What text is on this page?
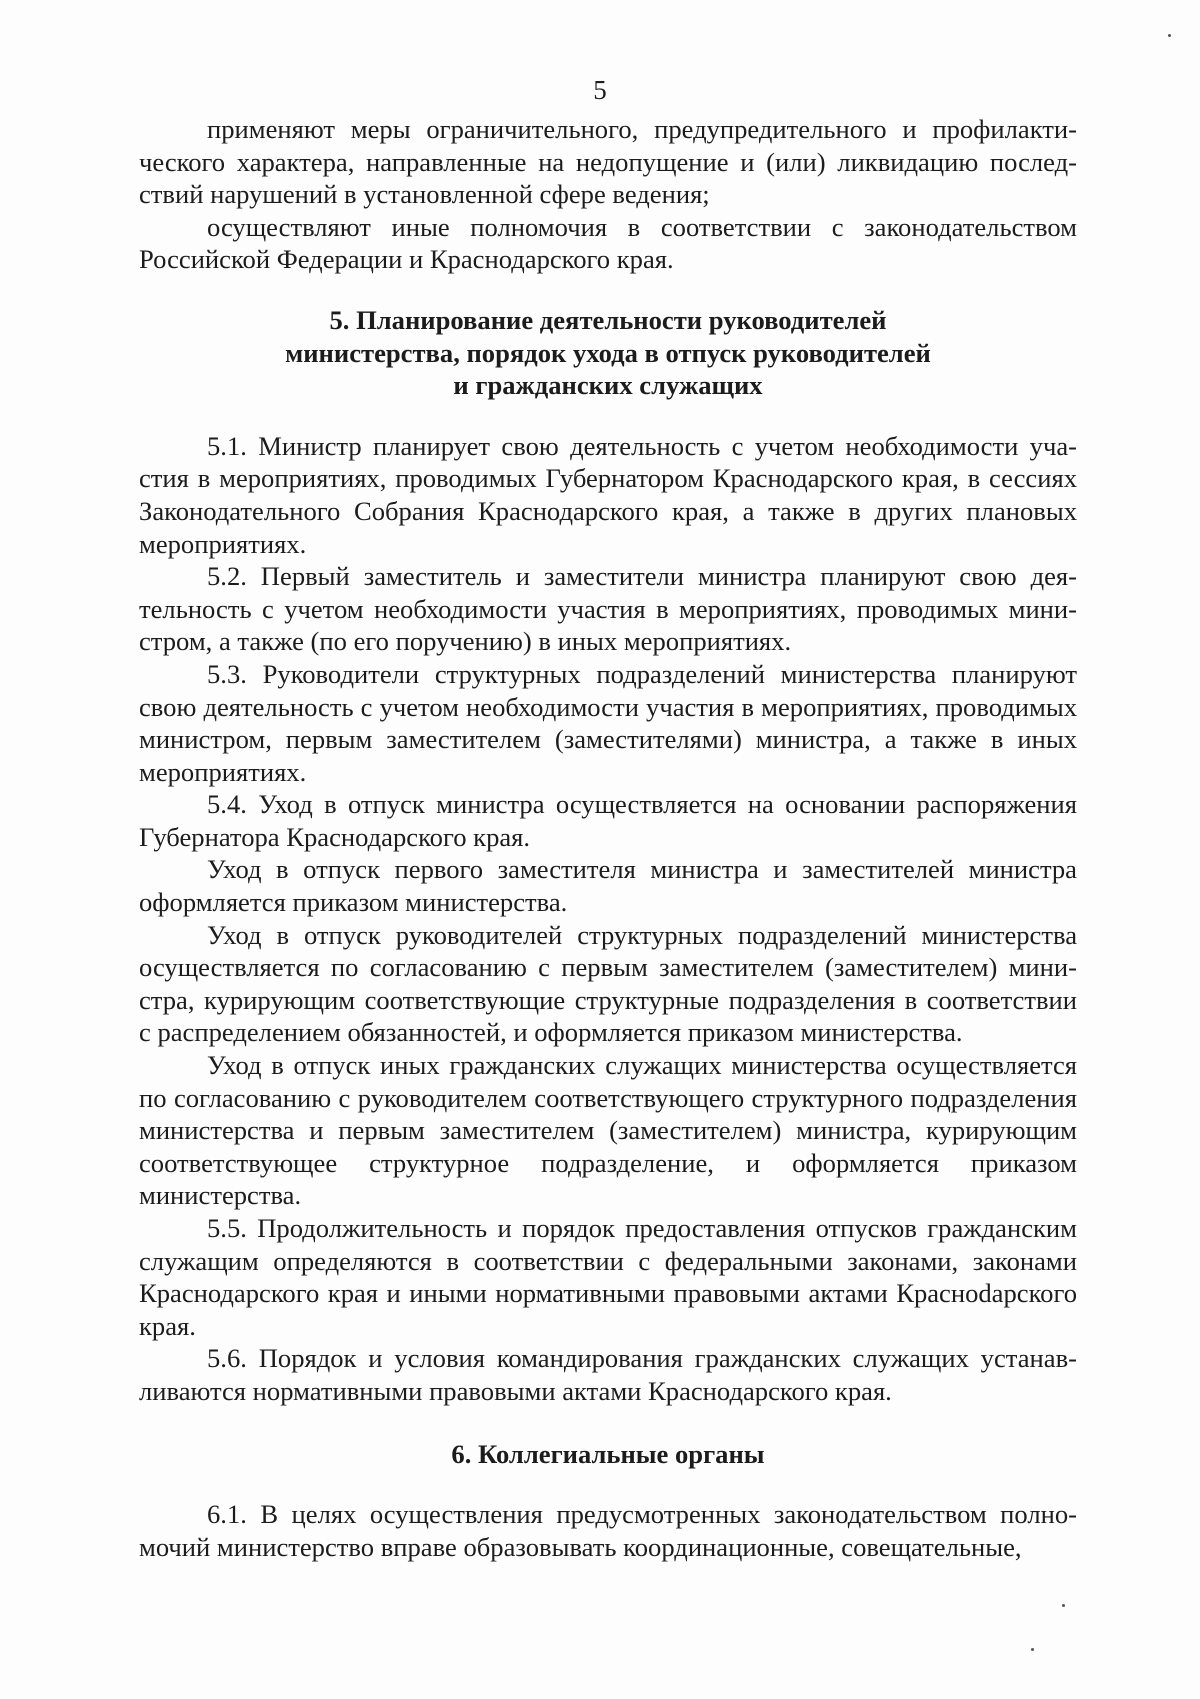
5

применяют меры ограничительного, предупредительного и профилактического характера, направленные на недопущение и (или) ликвидацию последствий нарушений в установленной сфере ведения;

осуществляют иные полномочия в соответствии с законодательством Российской Федерации и Краснодарского края.

5. Планирование деятельности руководителей
министерства, порядок ухода в отпуск руководителей
и гражданских служащих

5.1. Министр планирует свою деятельность с учетом необходимости участия в мероприятиях, проводимых Губернатором Краснодарского края, в сессиях Законодательного Собрания Краснодарского края, а также в других плановых мероприятиях.

5.2. Первый заместитель и заместители министра планируют свою деятельность с учетом необходимости участия в мероприятиях, проводимых министром, а также (по его поручению) в иных мероприятиях.

5.3. Руководители структурных подразделений министерства планируют свою деятельность с учетом необходимости участия в мероприятиях, проводимых министром, первым заместителем (заместителями) министра, а также в иных мероприятиях.

5.4. Уход в отпуск министра осуществляется на основании распоряжения Губернатора Краснодарского края.

Уход в отпуск первого заместителя министра и заместителей министра оформляется приказом министерства.

Уход в отпуск руководителей структурных подразделений министерства осуществляется по согласованию с первым заместителем (заместителем) министра, курирующим соответствующие структурные подразделения в соответствии с распределением обязанностей, и оформляется приказом министерства.

Уход в отпуск иных гражданских служащих министерства осуществляется по согласованию с руководителем соответствующего структурного подразделения министерства и первым заместителем (заместителем) министра, курирующим соответствующее структурное подразделение, и оформляется приказом министерства.

5.5. Продолжительность и порядок предоставления отпусков гражданским служащим определяются в соответствии с федеральными законами, законами Краснодарского края и иными нормативными правовыми актами Красноdарского края.

5.6. Порядок и условия командирования гражданских служащих устанавливаются нормативными правовыми актами Краснодарского края.

6. Коллегиальные органы

6.1. В целях осуществления предусмотренных законодательством полномочий министерство вправе образовывать координационные, совещательные,
